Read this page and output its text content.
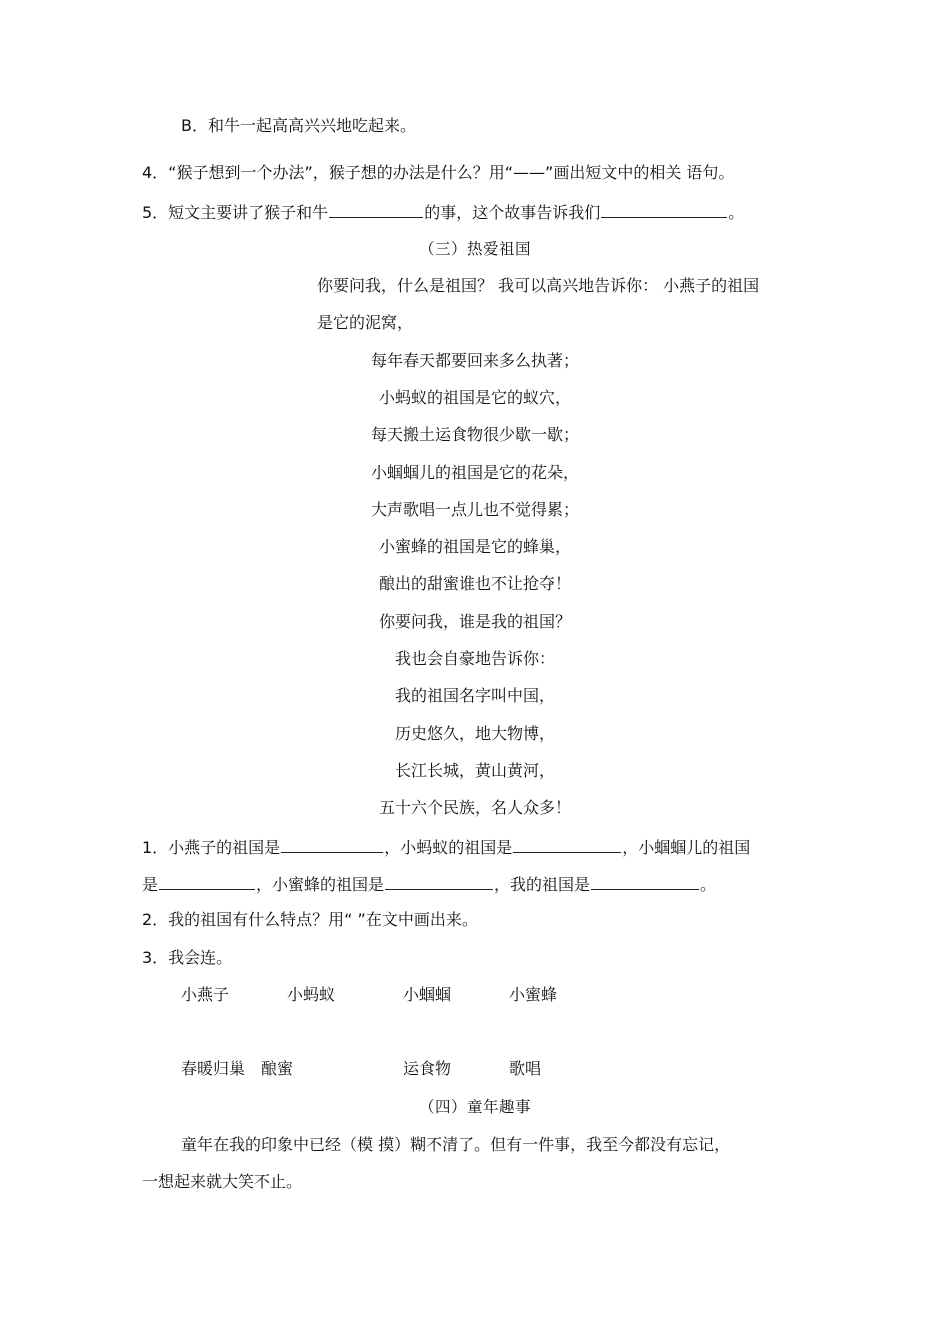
B．和牛一起高高兴兴地吃起来。
4．“猴子想到一个办法”，猴子想的办法是什么？用“——”画出短文中的相关 语句。
5．短文主要讲了猴子和牛	的事，这个故事告诉我们	。
（三）热爱祖国
你要问我，什么是祖国？ 我可以高兴地告诉你： 小燕子的祖国
是它的泥窝，
每年春天都要回来多么执著；
小蚂蚁的祖国是它的蚁穴，
每天搬土运食物很少歇一歇；
小蝈蝈儿的祖国是它的花朵，
大声歌唱一点儿也不觉得累；
小蜜蜂的祖国是它的蜂巢，
酿出的甜蜜谁也不让抢夺！
你要问我，谁是我的祖国？
我也会自豪地告诉你：
我的祖国名字叫中国，
历史悠久，地大物博，
长江长城，黄山黄河，
五十六个民族，名人众多！
1．小燕子的祖国是	，小蚂蚁的祖国是	，小蝈蝈儿的祖国
是	，小蜜蜂的祖国是	，我的祖国是	。
2．我的祖国有什么特点？用“ ”在文中画出来。
3．我会连。
小燕子	小蚂蚁	小蝈蝈	小蜜蜂
春暖归巢 酿蜜	运食物	歌唱
（四）童年趣事
童年在我的印象中已经（模 摸）糊不清了。但有一件事，我至今都没有忘记，
一想起来就大笑不止。
